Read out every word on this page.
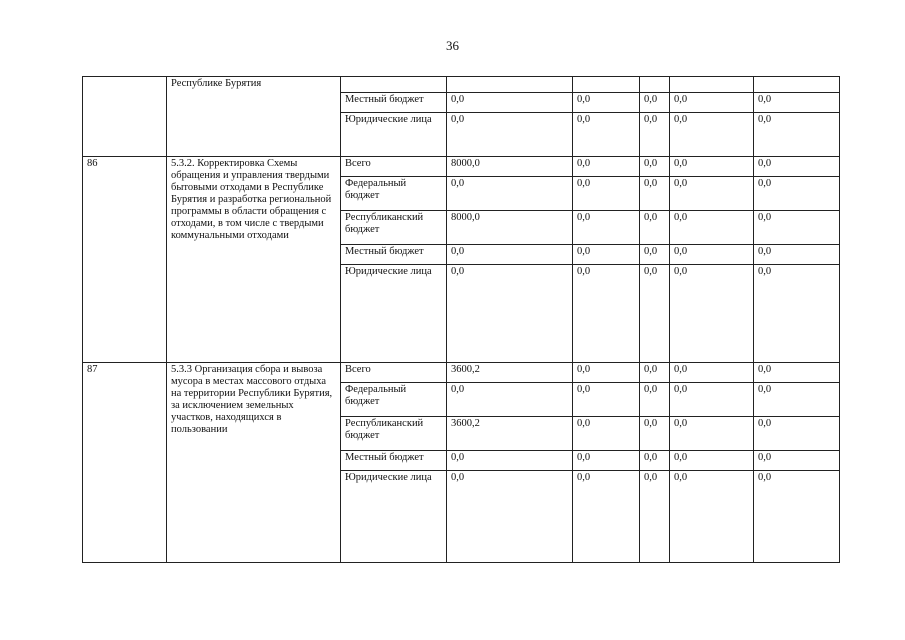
36
	Республике Бурятия						
		Местный бюджет	0,0	0,0	0,0	0,0	0,0
		Юридические лица	0,0	0,0	0,0	0,0	0,0
86	5.3.2. Корректировка Схемы обращения и управления твердыми бытовыми отходами в Республике Бурятия и разработка региональной программы в области обращения с отходами, в том числе с твердыми коммунальными отходами	Всего	8000,0	0,0	0,0	0,0	0,0
		Федеральный бюджет	0,0	0,0	0,0	0,0	0,0
		Республиканский бюджет	8000,0	0,0	0,0	0,0	0,0
		Местный бюджет	0,0	0,0	0,0	0,0	0,0
		Юридические лица	0,0	0,0	0,0	0,0	0,0
87	5.3.3 Организация сбора и вывоза мусора в местах массового отдыха на территории Республики Бурятия, за исключением земельных участков, находящихся в пользовании	Всего	3600,2	0,0	0,0	0,0	0,0
		Федеральный бюджет	0,0	0,0	0,0	0,0	0,0
		Республиканский бюджет	3600,2	0,0	0,0	0,0	0,0
		Местный бюджет	0,0	0,0	0,0	0,0	0,0
		Юридические лица	0,0	0,0	0,0	0,0	0,0
